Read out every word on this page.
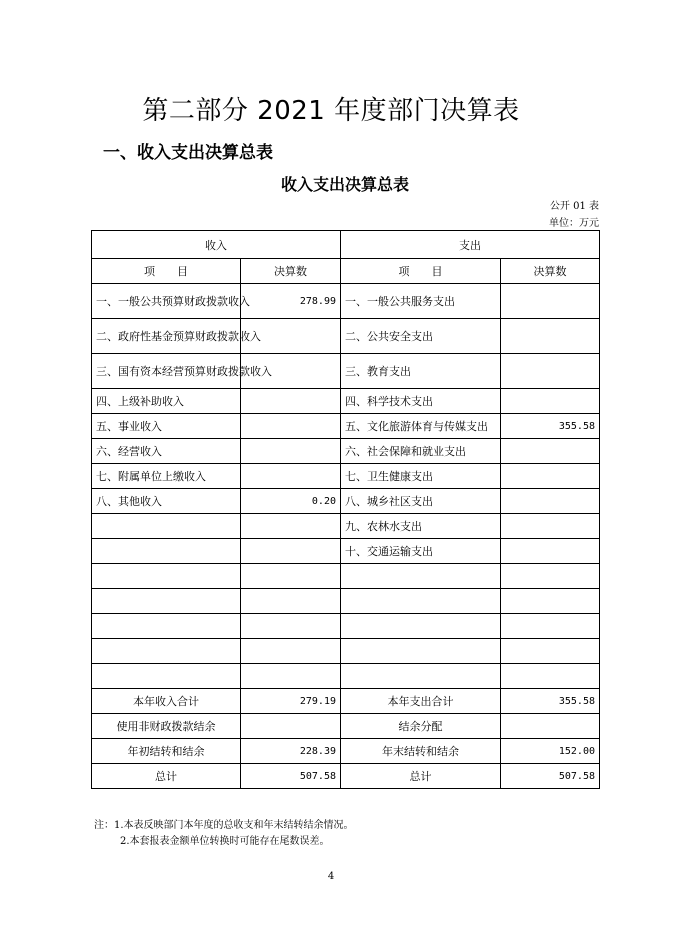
第二部分 2021 年度部门决算表
一、收入支出决算总表
收入支出决算总表
公开 01 表
单位：万元
收入		支出	
项　　目	决算数	项　　目	决算数
一、一般公共预算财政拨款收入	278.99	一、一般公共服务支出	
二、政府性基金预算财政拨款收入		二、公共安全支出	
三、国有资本经营预算财政拨款收入		三、教育支出	
四、上级补助收入		四、科学技术支出	
五、事业收入		五、文化旅游体育与传媒支出	355.58
六、经营收入		六、社会保障和就业支出	
七、附属单位上缴收入		七、卫生健康支出	
八、其他收入	0.20	八、城乡社区支出	
		九、农林水支出	
		十、交通运输支出	

本年收入合计	279.19	本年支出合计	355.58
使用非财政拨款结余		结余分配	
年初结转和结余	228.39	年末结转和结余	152.00
总计	507.58	总计	507.58
注：1.本表反映部门本年度的总收支和年末结转结余情况。
2.本套报表金额单位转换时可能存在尾数误差。
4
